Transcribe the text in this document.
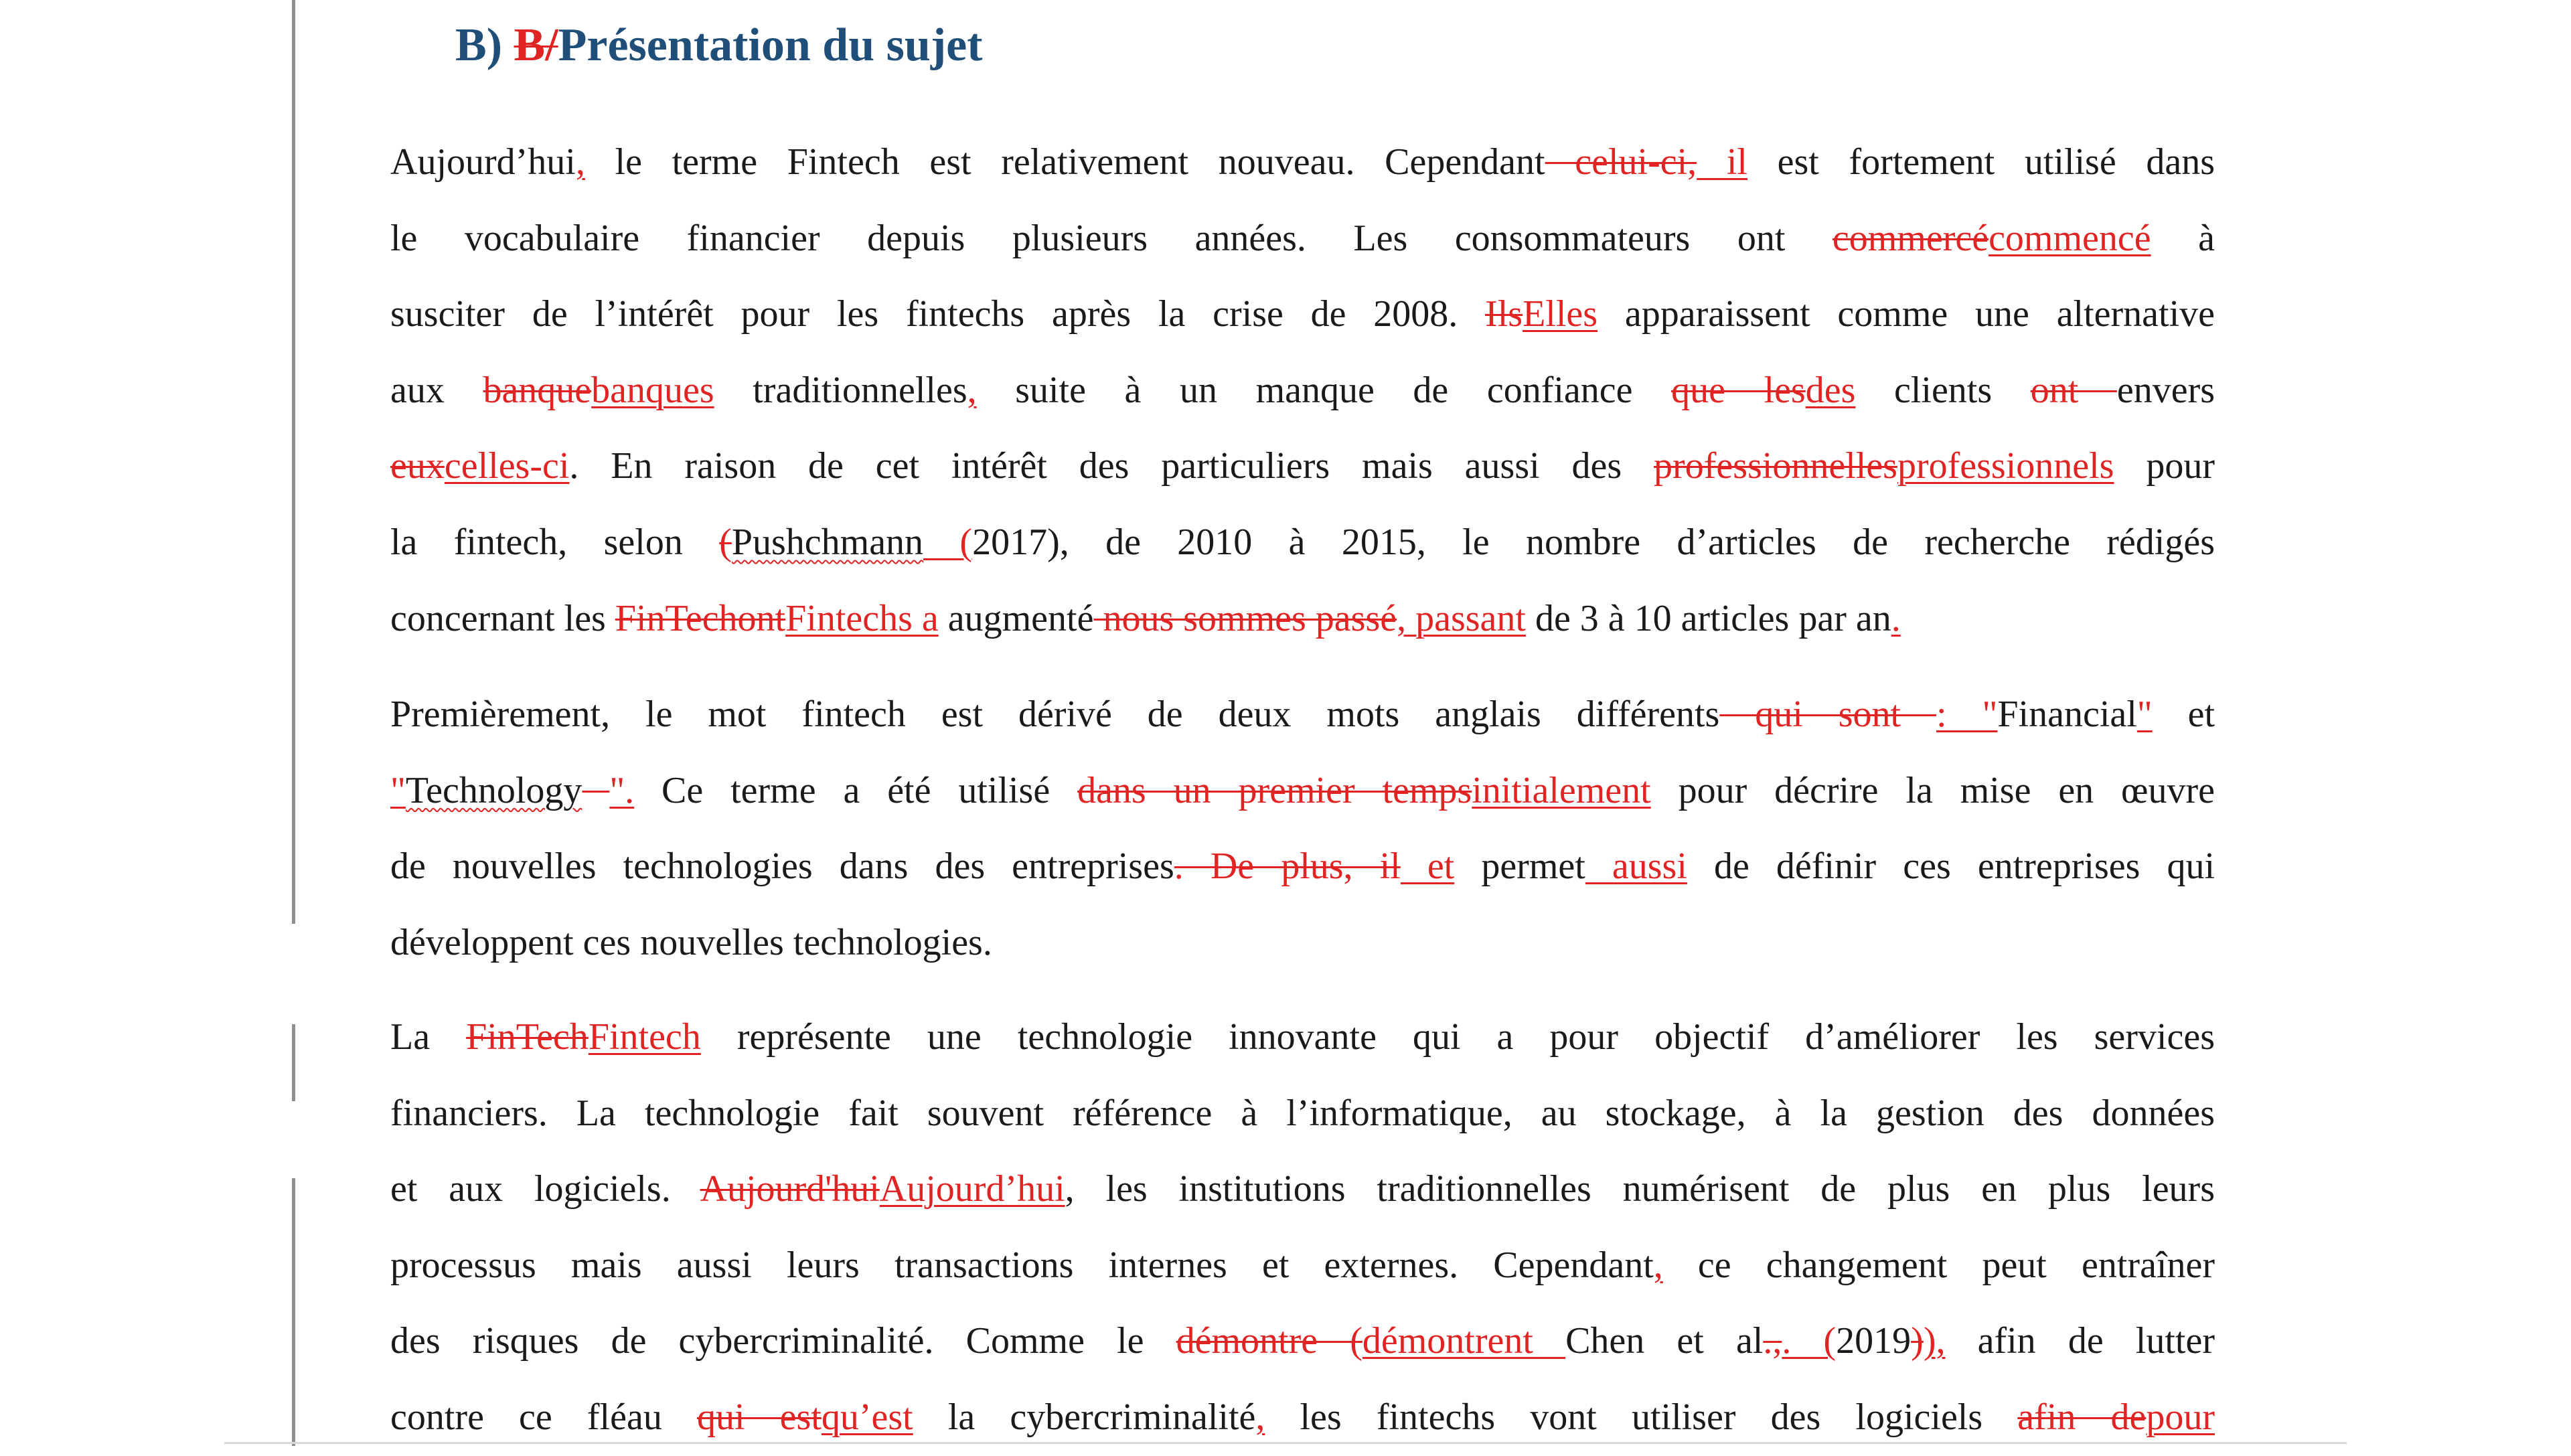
B) B/Présentation du sujet
Aujourd’hui, le terme Fintech est relativement nouveau. Cependant celui-ci, il est fortement utilisé dans
le vocabulaire financier depuis plusieurs années. Les consommateurs ont commercécommencé à
susciter de l’intérêt pour les fintechs après la crise de 2008. IlsElles apparaissent comme une alternative
aux banquebanques traditionnelles, suite à un manque de confiance que lesdes clients ont envers
euxcelles-ci. En raison de cet intérêt des particuliers mais aussi des professionnellesprofessionnels pour
la fintech, selon (Pushchmann (2017), de 2010 à 2015, le nombre d’articles de recherche rédigés
concernant les FinTechontFintechs a augmenté nous sommes passé, passant de 3 à 10 articles par an.
Premièrement, le mot fintech est dérivé de deux mots anglais différents qui sont : "Financial" et
"Technology ". Ce terme a été utilisé dans un premier tempsinitialement pour décrire la mise en œuvre
de nouvelles technologies dans des entreprises. De plus, il et permet aussi de définir ces entreprises qui
développent ces nouvelles technologies.
La FinTechFintech représente une technologie innovante qui a pour objectif d’améliorer les services
financiers. La technologie fait souvent référence à l’informatique, au stockage, à la gestion des données
et aux logiciels. Aujourd'huiAujourd’hui, les institutions traditionnelles numérisent de plus en plus leurs
processus mais aussi leurs transactions internes et externes. Cependant, ce changement peut entraîner
des risques de cybercriminalité. Comme le démontre (démontrent Chen et al.,. (2019)), afin de lutter
contre ce fléau qui estqu’est la cybercriminalité, les fintechs vont utiliser des logiciels afin depour
